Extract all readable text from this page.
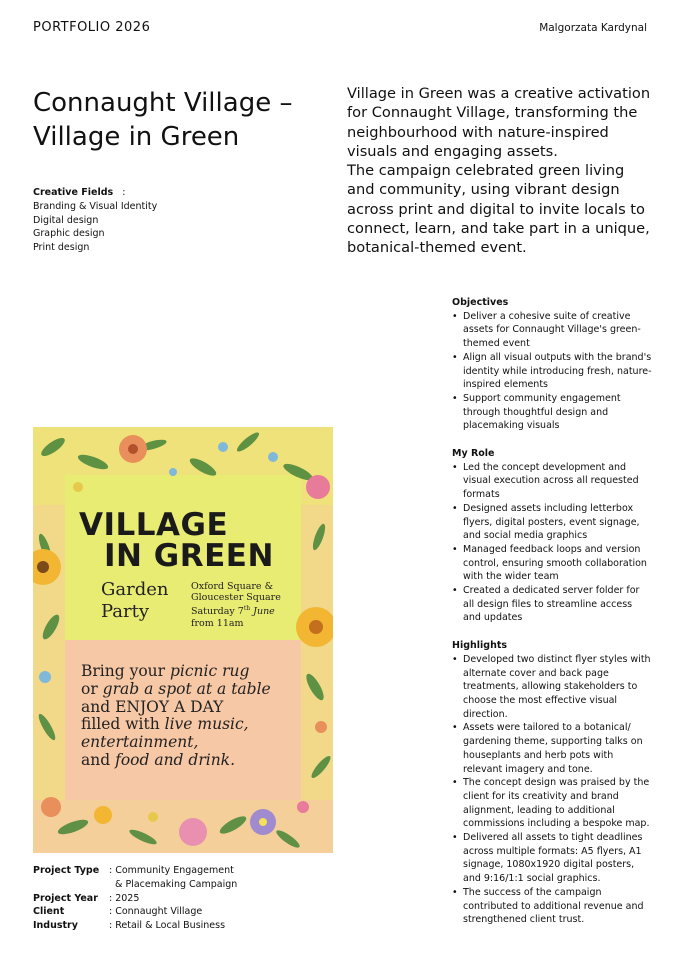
PORTFOLIO 2026	Malgorzata Kardynal
Connaught Village –
Village in Green
Creative Fields :
Branding & Visual Identity
Digital design
Graphic design
Print design

Village in Green was a creative activation for Connaught Village, transforming the neighbourhood with nature-inspired visuals and engaging assets.

The campaign celebrated green living and community, using vibrant design across print and digital to invite locals to connect, learn, and take part in a unique, botanical-themed event.

Objectives
• Deliver a cohesive suite of creative assets for Connaught Village's green-themed event
• Align all visual outputs with the brand's identity while introducing fresh, nature-inspired elements
• Support community engagement through thoughtful design and placemaking visuals
My Role
• Led the concept development and visual execution across all requested formats
• Designed assets including letterbox flyers, digital posters, event signage, and social media graphics
• Managed feedback loops and version control, ensuring smooth collaboration with the wider team
• Created a dedicated server folder for all design files to streamline access and updates
Highlights
• Developed two distinct flyer styles with alternate cover and back page treatments, allowing stakeholders to choose the most effective visual direction.
• Assets were tailored to a botanical/ gardening theme, supporting talks on houseplants and herb pots with relevant imagery and tone.
• The concept design was praised by the client for its creativity and brand alignment, leading to additional commissions including a bespoke map.
• Delivered all assets to tight deadlines across multiple formats: A5 flyers, A1 signage, 1080x1920 digital posters, and 9:16/1:1 social graphics.
• The success of the campaign contributed to additional revenue and strengthened client trust.
VILLAGE
IN GREEN
Garden
Party
Oxford Square &
Gloucester Square
Saturday 7th June
from 11am
Bring your picnic rug
or grab a spot at a table
and ENJOY A DAY
filled with live music,
entertainment,
and food and drink.
Project Type	: Community Engagement
& Placemaking Campaign
Project Year	: 2025
Client	: Connaught Village
Industry	: Retail & Local Business
